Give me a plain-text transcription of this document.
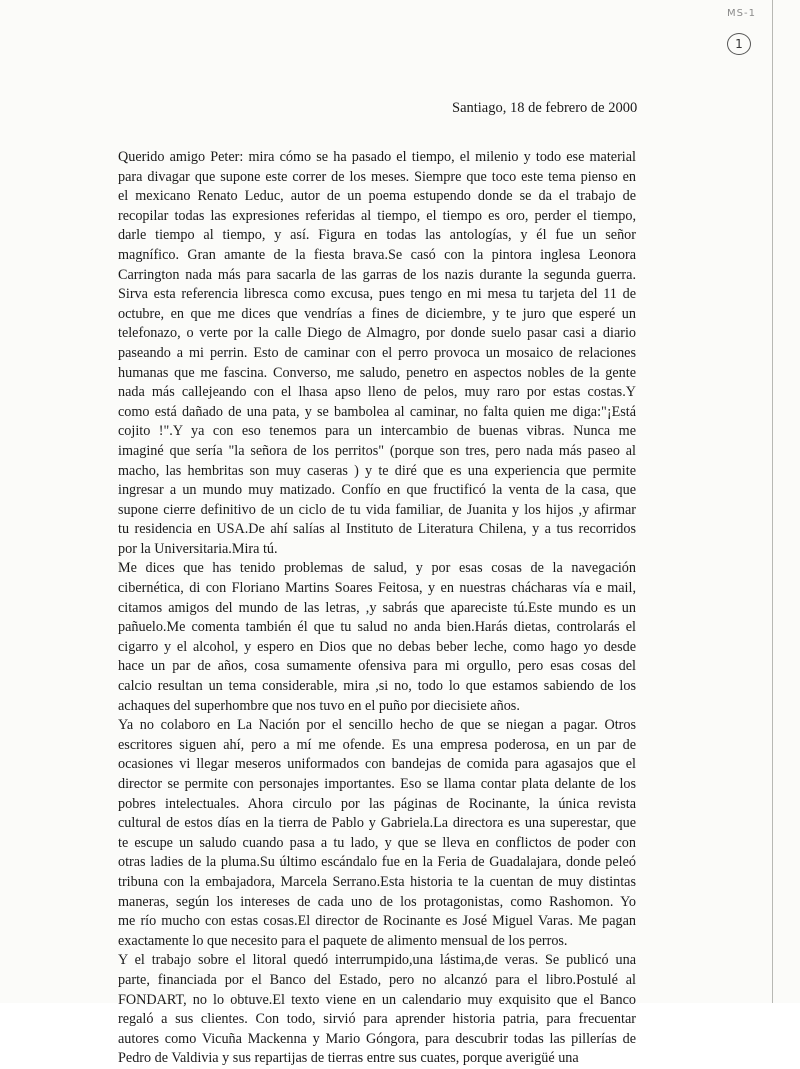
MS-1
1
Santiago, 18 de febrero de 2000
Querido amigo Peter: mira cómo se ha pasado el tiempo, el milenio y todo ese material
para divagar que supone este correr de los meses. Siempre que toco este tema pienso en
el mexicano Renato Leduc, autor de un poema estupendo donde se da el trabajo de
recopilar todas las expresiones referidas al tiempo, el tiempo es oro, perder el tiempo,
darle tiempo al tiempo, y así. Figura en todas las antologías, y él fue un señor
magnífico. Gran amante de la fiesta brava.Se casó con la pintora inglesa Leonora
Carrington nada más para sacarla de las garras de los nazis durante la segunda guerra.
Sirva esta referencia libresca como excusa, pues tengo en mi mesa tu tarjeta del 11 de
octubre, en que me dices que vendrías a fines de diciembre, y te juro que esperé un
telefonazo, o verte por la calle Diego de Almagro, por donde suelo pasar casi a diario
paseando a mi perrin. Esto de caminar con el perro provoca un mosaico de relaciones
humanas que me fascina. Converso, me saludo, penetro en aspectos nobles de la gente
nada más callejeando con el lhasa apso lleno de pelos, muy raro por estas costas.Y
como está dañado de una pata, y se bambolea al caminar, no falta quien me diga:"¡Está
cojito !".Y ya con eso tenemos para un intercambio de buenas vibras. Nunca me
imaginé que sería "la señora de los perritos" (porque son tres, pero nada más paseo al
macho, las hembritas son muy caseras ) y te diré que es una experiencia que permite
ingresar a un mundo muy matizado. Confío en que fructificó la venta de la casa, que
supone cierre definitivo de un ciclo de tu vida familiar, de Juanita y los hijos ,y afirmar
tu residencia en USA.De ahí salías al Instituto de Literatura Chilena, y a tus recorridos
por la Universitaria.Mira tú.
Me dices que has tenido problemas de salud, y por esas cosas de la navegación
cibernética, di con Floriano Martins Soares Feitosa, y en nuestras chácharas vía e mail,
citamos amigos del mundo de las letras, ,y sabrás que apareciste tú.Este mundo es un
pañuelo.Me comenta también él que tu salud no anda bien.Harás dietas, controlarás el
cigarro y el alcohol, y espero en Dios que no debas beber leche, como hago yo desde
hace un par de años, cosa sumamente ofensiva para mi orgullo, pero esas cosas del
calcio resultan un tema considerable, mira ,si no, todo lo que estamos sabiendo de los
achaques del superhombre que nos tuvo en el puño por diecisiete años.
Ya no colaboro en La Nación por el sencillo hecho de que se niegan a pagar. Otros
escritores siguen ahí, pero a mí me ofende. Es una empresa poderosa, en un par de
ocasiones vi llegar meseros uniformados con bandejas de comida para agasajos que el
director se permite con personajes importantes. Eso se llama contar plata delante de los
pobres intelectuales. Ahora circulo por las páginas de Rocinante, la única revista
cultural de estos días en la tierra de Pablo y Gabriela.La directora es una superestar, que
te escupe un saludo cuando pasa a tu lado, y que se lleva en conflictos de poder con
otras ladies de la pluma.Su último escándalo fue en la Feria de Guadalajara, donde peleó
tribuna con la embajadora, Marcela Serrano.Esta historia te la cuentan de muy distintas
maneras, según los intereses de cada uno de los protagonistas, como Rashomon. Yo
me río mucho con estas cosas.El director de Rocinante es José Miguel Varas. Me pagan
exactamente lo que necesito para el paquete de alimento mensual de los perros.
Y el trabajo sobre el litoral quedó interrumpido,una lástima,de veras. Se publicó una
parte, financiada por el Banco del Estado, pero no alcanzó para el libro.Postulé al
FONDART, no lo obtuve.El texto viene en un calendario muy exquisito que el Banco
regaló a sus clientes. Con todo, sirvió para aprender historia patria, para frecuentar
autores como Vicuña Mackenna y Mario Góngora, para descubrir todas las pillerías de
Pedro de Valdivia y sus repartijas de tierras entre sus cuates, porque averigüé una
